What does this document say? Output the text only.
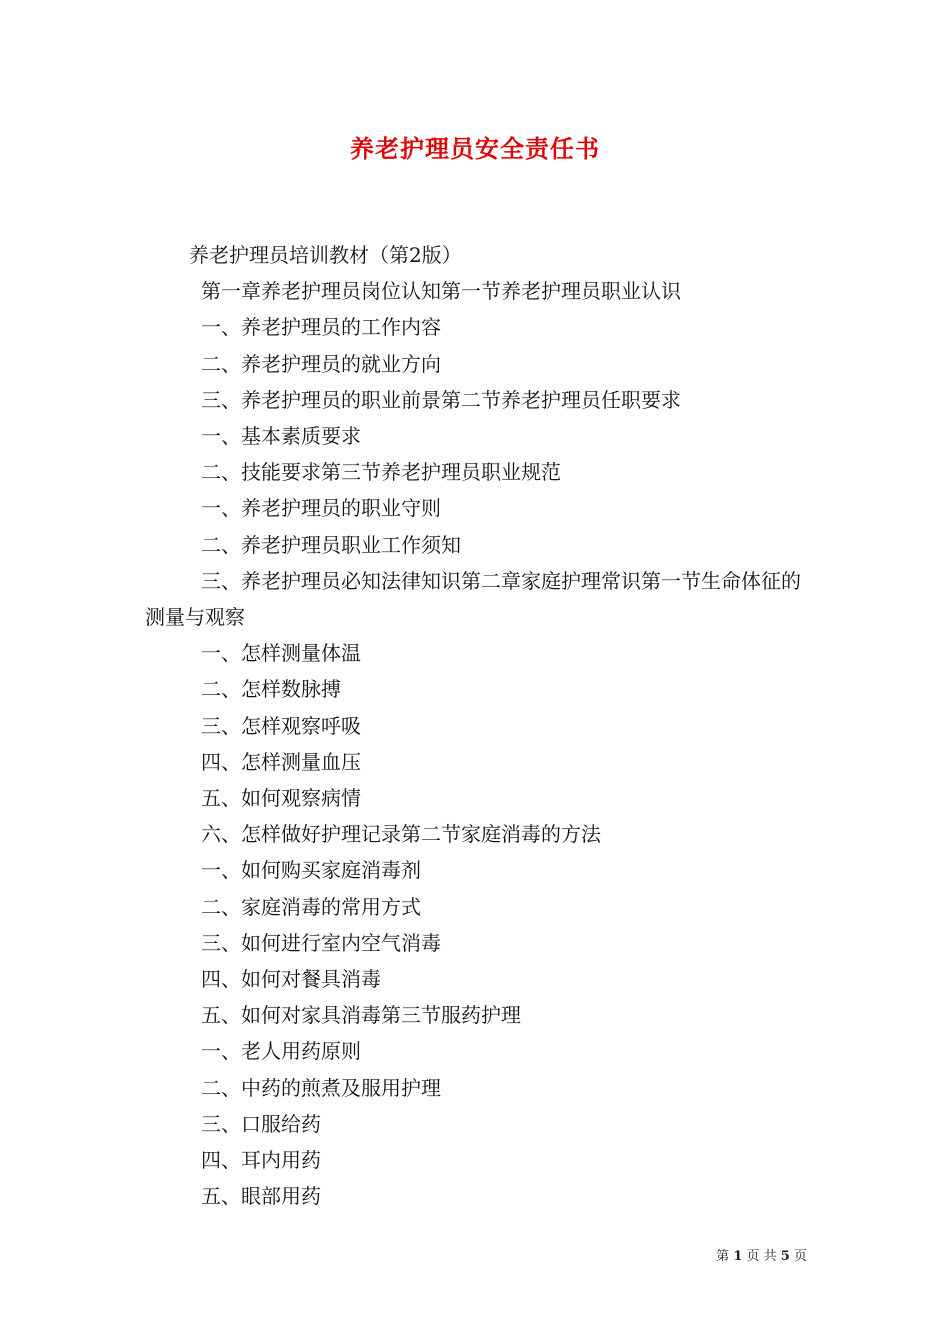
养老护理员安全责任书

养老护理员培训教材（第2版）

第一章养老护理员岗位认知第一节养老护理员职业认识

一、养老护理员的工作内容

二、养老护理员的就业方向

三、养老护理员的职业前景第二节养老护理员任职要求

一、基本素质要求

二、技能要求第三节养老护理员职业规范

一、养老护理员的职业守则

二、养老护理员职业工作须知

三、养老护理员必知法律知识第二章家庭护理常识第一节生命体征的测量与观察

一、怎样测量体温

二、怎样数脉搏

三、怎样观察呼吸

四、怎样测量血压

五、如何观察病情

六、怎样做好护理记录第二节家庭消毒的方法

一、如何购买家庭消毒剂

二、家庭消毒的常用方式

三、如何进行室内空气消毒

四、如何对餐具消毒

五、如何对家具消毒第三节服药护理

一、老人用药原则

二、中药的煎煮及服用护理

三、口服给药

四、耳内用药

五、眼部用药

第 1 页 共 5 页
